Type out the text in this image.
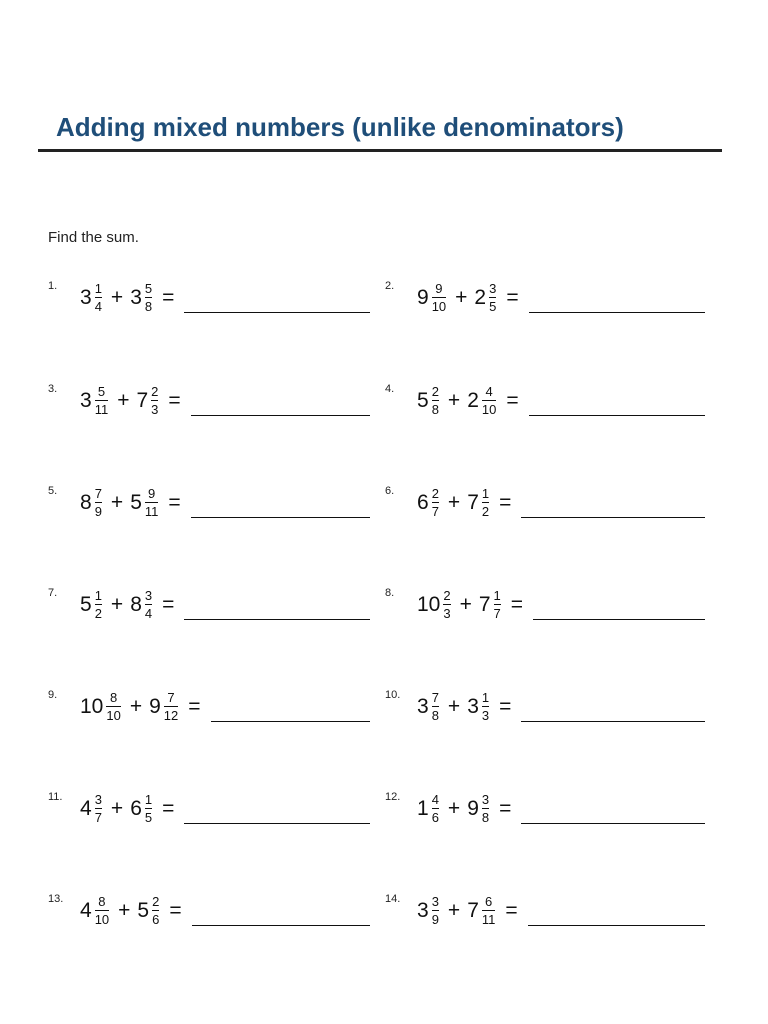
Adding mixed numbers (unlike denominators)
Find the sum.
1. $3 \frac{1}{4} + 3 \frac{5}{8}$ =	2. $9 \frac{9}{10} + 2 \frac{3}{5}$ =
3. $3 \frac{5}{11} + 7 \frac{2}{3}$ =	4. $5 \frac{2}{8} + 2 \frac{4}{10}$ =
5. $8 \frac{7}{9} + 5 \frac{9}{11}$ =	6. $6 \frac{2}{7} + 7 \frac{1}{2}$ =
7. $5 \frac{1}{2} + 8 \frac{3}{4}$ =	8. $10 \frac{2}{3} + 7 \frac{1}{7}$ =
9. $10 \frac{8}{10} + 9 \frac{7}{12}$ =	10. $3 \frac{7}{8} + 3 \frac{1}{3}$ =
11. $4 \frac{3}{7} + 6 \frac{1}{5}$ =	12. $1 \frac{4}{6} + 9 \frac{3}{8}$ =
13. $4 \frac{8}{10} + 5 \frac{2}{6}$ =	14. $3 \frac{3}{9} + 7 \frac{6}{11}$ =
